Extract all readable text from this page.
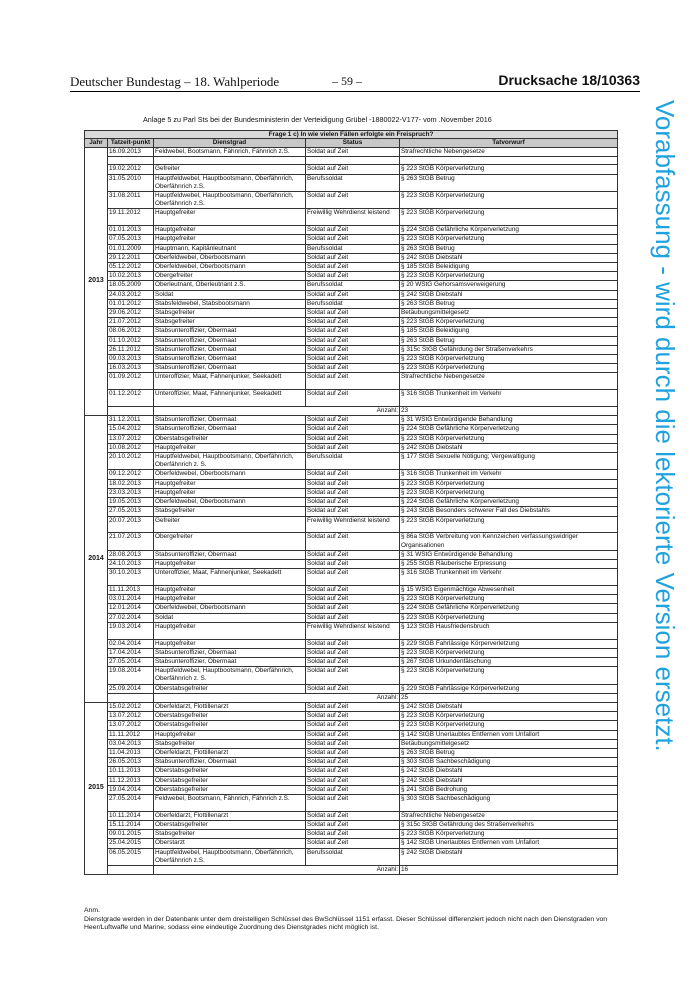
Deutscher Bundestag – 18. Wahlperiode	– 59 –	Drucksache 18/10363
Anlage 5 zu Parl Sts bei der Bundesministerin der Verteidigung Grübel -1880022-V177- vom .November 2016	Vorabfassung - wird durch die lektorierte Version ersetzt.
Frage 1 c) In wie vielen Fällen erfolgte ein Freispruch?				
Jahr	Tatzeit-punkt	Dienstgrad	Status	Tatvorwurf
2013	16.09.2013	Feldwebel, Bootsmann, Fähnrich, Fähnrich z.S.	Soldat auf Zeit	Strafrechtliche Nebengesetze

	19.02.2012	Gefreiter	Soldat auf Zeit	§ 223 StGB Körperverletzung
	31.05.2010	Hauptfeldwebel, Hauptbootsmann, Oberfähnrich, Oberfähnrich z.S.	Berufssoldat	§ 263 StGB Betrug
	31.08.2011	Hauptfeldwebel, Hauptbootsmann, Oberfähnrich, Oberfähnrich z.S.	Soldat auf Zeit	§ 223 StGB Körperverletzung
	19.11.2012	Hauptgefreiter	Freiwillig Wehrdienst leistend	§ 223 StGB Körperverletzung
	01.01.2013	Hauptgefreiter	Soldat auf Zeit	§ 224 StGB Gefährliche Körperverletzung
	07.05.2013	Hauptgefreiter	Soldat auf Zeit	§ 223 StGB Körperverletzung
	01.01.2009	Hauptmann, Kapitänleutnant	Berufssoldat	§ 263 StGB Betrug
	29.12.2011	Oberfeldwebel, Oberbootsmann	Soldat auf Zeit	§ 242 StGB Diebstahl
	05.12.2012	Oberfeldwebel, Oberbootsmann	Soldat auf Zeit	§ 185 StGB Beleidigung
	10.02.2013	Obergefreiter	Soldat auf Zeit	§ 223 StGB Körperverletzung
	18.05.2009	Oberleutnant, Oberleutnant z.S.	Berufssoldat	§ 20 WStG Gehorsamsverweigerung
	24.03.2012	Soldat	Soldat auf Zeit	§ 242 StGB Diebstahl
	01.01.2012	Stabsfeldwebel, Stabsbootsmann	Berufssoldat	§ 263 StGB Betrug
	29.06.2012	Stabsgefreiter	Soldat auf Zeit	Betäubungsmittelgesetz
	21.07.2012	Stabsgefreiter	Soldat auf Zeit	§ 223 StGB Körperverletzung
	08.06.2012	Stabsunteroffizier, Obermaat	Soldat auf Zeit	§ 185 StGB Beleidigung
	01.10.2012	Stabsunteroffizier, Obermaat	Soldat auf Zeit	§ 263 StGB Betrug
	26.11.2012	Stabsunteroffizier, Obermaat	Soldat auf Zeit	§ 315c StGB Gefährdung der Straßenverkehrs
	09.03.2013	Stabsunteroffizier, Obermaat	Soldat auf Zeit	§ 223 StGB Körperverletzung
	16.03.2013	Stabsunteroffizier, Obermaat	Soldat auf Zeit	§ 223 StGB Körperverletzung
	01.09.2012	Unteroffizier, Maat, Fahnenjunker, Seekadett	Soldat auf Zeit	Strafrechtliche Nebengesetze
	01.12.2012	Unteroffizier, Maat, Fahnenjunker, Seekadett	Soldat auf Zeit	§ 316 StGB Trunkenheit im Verkehr
		Anzahl:		23
2014	31.12.2011	Stabsunteroffizier, Obermaat	Soldat auf Zeit	§ 31 WStG Entwürdigende Behandlung
	15.04.2012	Stabsunteroffizier, Obermaat	Soldat auf Zeit	§ 224 StGB Gefährliche Körperverletzung
	13.07.2012	Oberstabsgefreiter	Soldat auf Zeit	§ 223 StGB Körperverletzung
	10.08.2012	Hauptgefreiter	Soldat auf Zeit	§ 242 StGB Diebstahl
	20.10.2012	Hauptfeldwebel, Hauptbootsmann, Oberfähnrich, Oberfähnrich z. S.	Berufssoldat	§ 177 StGB Sexuelle Nötigung; Vergewaltigung
	09.12.2012	Oberfeldwebel, Oberbootsmann	Soldat auf Zeit	§ 316 StGB Trunkenheit im Verkehr
	18.02.2013	Hauptgefreiter	Soldat auf Zeit	§ 223 StGB Körperverletzung
	23.03.2013	Hauptgefreiter	Soldat auf Zeit	§ 223 StGB Körperverletzung
	19.05.2013	Oberfeldwebel, Oberbootsmann	Soldat auf Zeit	§ 224 StGB Gefährliche Körperverletzung
	27.05.2013	Stabsgefreiter	Soldat auf Zeit	§ 243 StGB Besonders schwerer Fall des Diebstahls
	20.07.2013	Gefreiter	Freiwillig Wehrdienst leistend	§ 223 StGB Körperverletzung
	21.07.2013	Obergefreiter	Soldat auf Zeit	§ 86a StGB Verbreitung von Kennzeichen verfassungswidriger Organisationen
	28.08.2013	Stabsunteroffizier, Obermaat	Soldat auf Zeit	§ 31 WStG Entwürdigende Behandlung
	24.10.2013	Hauptgefreiter	Soldat auf Zeit	§ 255 StGB Räuberische Erpressung
	30.10.2013	Unteroffizier, Maat, Fahnenjunker, Seekadett	Soldat auf Zeit	§ 316 StGB Trunkenheit im Verkehr
	11.11.2013	Hauptgefreiter	Soldat auf Zeit	§ 15 WStG Eigenmächtige Abwesenheit
	03.01.2014	Hauptgefreiter	Soldat auf Zeit	§ 223 StGB Körperverletzung
	12.01.2014	Oberfeldwebel, Oberbootsmann	Soldat auf Zeit	§ 224 StGB Gefährliche Körperverletzung
	27.02.2014	Soldat	Soldat auf Zeit	§ 223 StGB Körperverletzung
	19.03.2014	Hauptgefreiter	Freiwillig Wehrdienst leistend	§ 123 StGB Hausfriedensbruch
	02.04.2014	Hauptgefreiter	Soldat auf Zeit	§ 229 StGB Fahrlässige Körperverletzung
	17.04.2014	Stabsunteroffizier, Obermaat	Soldat auf Zeit	§ 223 StGB Körperverletzung
	27.05.2014	Stabsunteroffizier, Obermaat	Soldat auf Zeit	§ 267 StGB Urkundenfälschung
	19.08.2014	Hauptfeldwebel, Hauptbootsmann, Oberfähnrich, Oberfähnrich z. S.	Soldat auf Zeit	§ 223 StGB Körperverletzung
	25.09.2014	Oberstabsgefreiter	Soldat auf Zeit	§ 229 StGB Fahrlässige Körperverletzung
		Anzahl:		25
2015	15.02.2012	Oberfeldarzt, Flottillenarzt	Soldat auf Zeit	§ 242 StGB Diebstahl
	13.07.2012	Oberstabsgefreiter	Soldat auf Zeit	§ 223 StGB Körperverletzung
	13.07.2012	Oberstabsgefreiter	Soldat auf Zeit	§ 223 StGB Körperverletzung
	11.11.2012	Hauptgefreiter	Soldat auf Zeit	§ 142 StGB Unerlaubtes Entfernen vom Unfallort
	03.04.2013	Stabsgefreiter	Soldat auf Zeit	Betäubungsmittelgesetz
	11.04.2013	Oberfeldarzt, Flottillenarzt	Soldat auf Zeit	§ 263 StGB Betrug
	26.05.2013	Stabsunteroffizier, Obermaat	Soldat auf Zeit	§ 303 StGB Sachbeschädigung
	10.11.2013	Oberstabsgefreiter	Soldat auf Zeit	§ 242 StGB Diebstahl
	11.12.2013	Oberstabsgefreiter	Soldat auf Zeit	§ 242 StGB Diebstahl
	19.04.2014	Oberstabsgefreiter	Soldat auf Zeit	§ 241 StGB Bedrohung
	27.05.2014	Feldwebel, Bootsmann, Fähnrich, Fähnrich z.S.	Soldat auf Zeit	§ 303 StGB Sachbeschädigung
	10.11.2014	Oberfeldarzt, Flottillenarzt	Soldat auf Zeit	Strafrechtliche Nebengesetze
	15.11.2014	Oberstabsgefreiter	Soldat auf Zeit	§ 315c StGB Gefährdung des Straßenverkehrs
	09.01.2015	Stabsgefreiter	Soldat auf Zeit	§ 223 StGB Körperverletzung
	25.04.2015	Oberstarzt	Soldat auf Zeit	§ 142 StGB Unerlaubtes Entfernen vom Unfallort
	06.05.2015	Hauptfeldwebel, Hauptbootsmann, Oberfähnrich, Oberfähnrich z.S.	Berufssoldat	§ 242 StGB Diebstahl
		Anzahl:		16
Anm.
Dienstgrade werden in der Datenbank unter dem dreistelligen Schlüssel des BwSchlüssel 1151 erfasst. Dieser Schlüssel differenziert jedoch nicht nach den Dienstgraden von Heer/Luftwaffe und Marine, sodass eine eindeutige Zuordnung des Dienstgrades nicht möglich ist.
